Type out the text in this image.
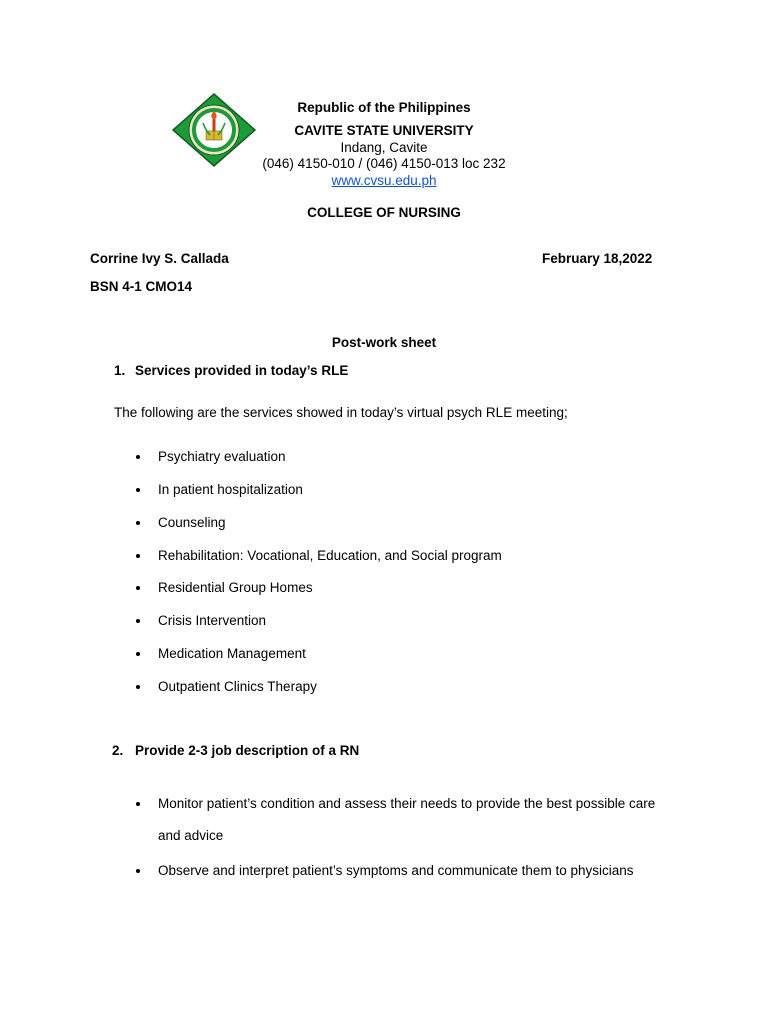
Republic of the Philippines
CAVITE STATE UNIVERSITY
Indang, Cavite
(046) 4150-010 / (046) 4150-013 loc 232
www.cvsu.edu.ph
COLLEGE OF NURSING
Corrine Ivy S. Callada	February 18,2022
BSN 4-1 CMO14
Post-work sheet
1. Services provided in today’s RLE
The following are the services showed in today’s virtual psych RLE meeting;
Psychiatry evaluation
In patient hospitalization
Counseling
Rehabilitation: Vocational, Education, and Social program
Residential Group Homes
Crisis Intervention
Medication Management
Outpatient Clinics Therapy
2. Provide 2-3 job description of a RN
Monitor patient’s condition and assess their needs to provide the best possible care
and advice
Observe and interpret patient’s symptoms and communicate them to physicians
